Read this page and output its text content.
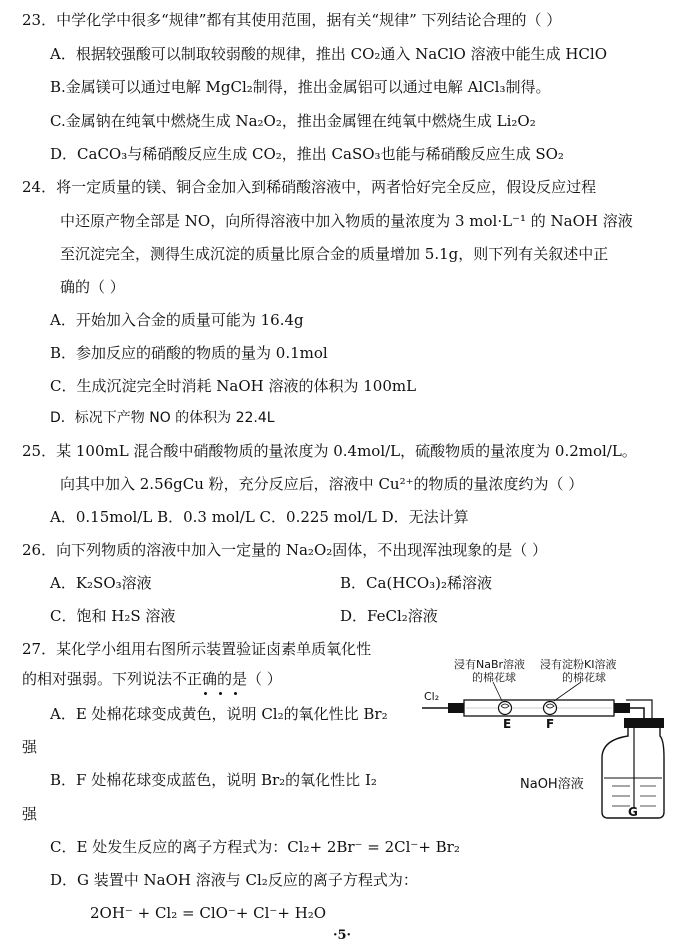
23．中学化学中很多“规律”都有其使用范围，据有关“规律” 下列结论合理的（ ）
A．根据较强酸可以制取较弱酸的规律，推出 CO₂通入 NaClO 溶液中能生成 HClO
B.金属镁可以通过电解 MgCl₂制得，推出金属铝可以通过电解 AlCl₃制得。
C.金属钠在纯氧中燃烧生成 Na₂O₂，推出金属锂在纯氧中燃烧生成 Li₂O₂
D．CaCO₃与稀硝酸反应生成 CO₂，推出 CaSO₃也能与稀硝酸反应生成 SO₂
24．将一定质量的镁、铜合金加入到稀硝酸溶液中，两者恰好完全反应，假设反应过程
中还原产物全部是 NO，向所得溶液中加入物质的量浓度为 3 mol·L⁻¹ 的 NaOH 溶液
至沉淀完全，测得生成沉淀的质量比原合金的质量增加 5.1g，则下列有关叙述中正
确的（ ）
A．开始加入合金的质量可能为 16.4g
B．参加反应的硝酸的物质的量为 0.1mol
C．生成沉淀完全时消耗 NaOH 溶液的体积为 100mL
D．标况下产物 NO 的体积为 22.4L
25．某 100mL 混合酸中硝酸物质的量浓度为 0.4mol/L，硫酸物质的量浓度为 0.2mol/L。
向其中加入 2.56gCu 粉，充分反应后，溶液中 Cu²⁺的物质的量浓度约为（ ）
A．0.15mol/L B．0.3 mol/L C．0.225 mol/L D．无法计算
26．向下列物质的溶液中加入一定量的 Na₂O₂固体，不出现浑浊现象的是（ ）
A．K₂SO₃溶液	B．Ca(HCO₃)₂稀溶液
C．饱和 H₂S 溶液	D．FeCl₂溶液
27．某化学小组用右图所示装置验证卤素单质氧化性
的相对强弱。下列说法不正确的是（ ）
A．E 处棉花球变成黄色，说明 Cl₂的氧化性比 Br₂
强
B．F 处棉花球变成蓝色，说明 Br₂的氧化性比 I₂
强
C．E 处发生反应的离子方程式为：Cl₂+ 2Br⁻ = 2Cl⁻+ Br₂
D．G 装置中 NaOH 溶液与 Cl₂反应的离子方程式为：
2OH⁻ + Cl₂ = ClO⁻+ Cl⁻+ H₂O
浸有NaBr溶液
的棉花球
浸有淀粉KI溶液
的棉花球
Cl₂
E	F
NaOH溶液
G
·5·
